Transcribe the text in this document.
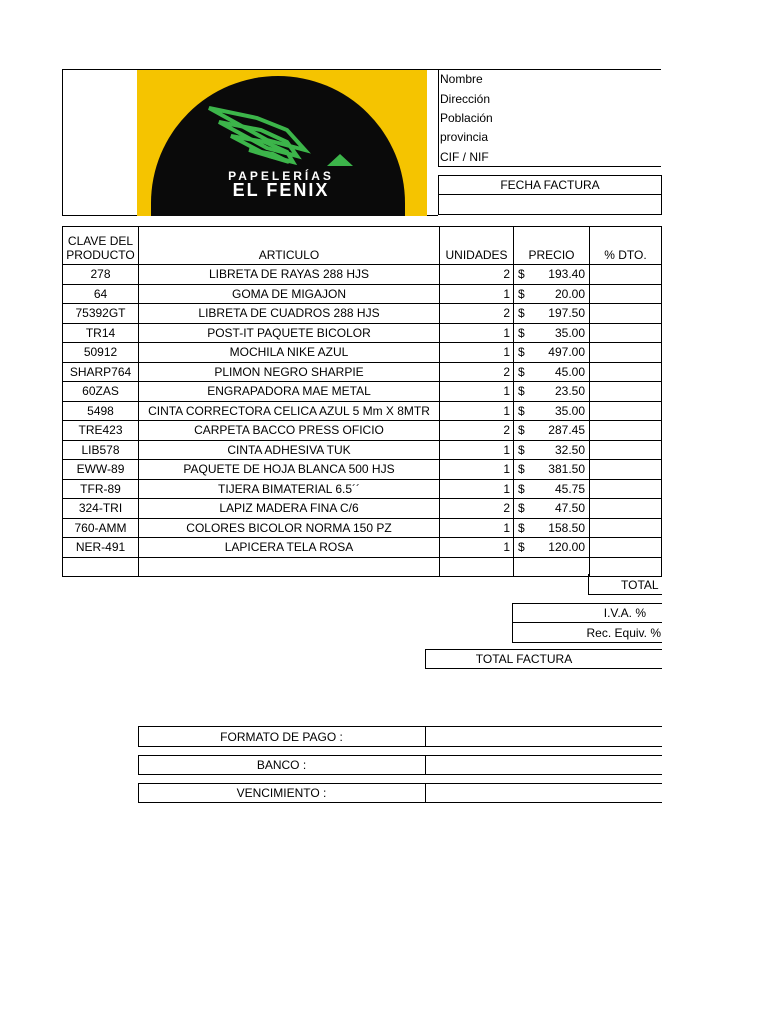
PAPELERÍAS
EL FENIX
Nombre
Dirección
Población
provincia
CIF / NIF
FECHA FACTURA
CLAVE DEL
PRODUCTO	ARTICULO	UNIDADES	PRECIO	% DTO.
278	LIBRETA DE RAYAS 288 HJS	2	$ 193.40	

64	GOMA DE MIGAJON	1	$ 20.00	

75392GT	LIBRETA DE CUADROS 288 HJS	2	$ 197.50	

TR14	POST-IT PAQUETE BICOLOR	1	$ 35.00	

50912	MOCHILA NIKE AZUL	1	$ 497.00	

SHARP764	PLIMON NEGRO SHARPIE	2	$ 45.00	

60ZAS	ENGRAPADORA MAE METAL	1	$ 23.50	

5498	CINTA CORRECTORA CELICA AZUL 5 Mm X 8MTR	1	$ 35.00	

TRE423	CARPETA BACCO PRESS OFICIO	2	$ 287.45	

LIB578	CINTA ADHESIVA TUK	1	$ 32.50	

EWW-89	PAQUETE DE HOJA BLANCA 500 HJS	1	$ 381.50	

TFR-89	TIJERA BIMATERIAL 6.5´´	1	$ 45.75	

324-TRI	LAPIZ MADERA FINA C/6	2	$ 47.50	

760-AMM	COLORES BICOLOR NORMA 150 PZ	1	$ 158.50	

NER-491	LAPICERA TELA ROSA	1	$ 120.00	

TOTAL
I.V.A. %
Rec. Equiv. %
TOTAL FACTURA
FORMATO DE PAGO :
BANCO :
VENCIMIENTO :
